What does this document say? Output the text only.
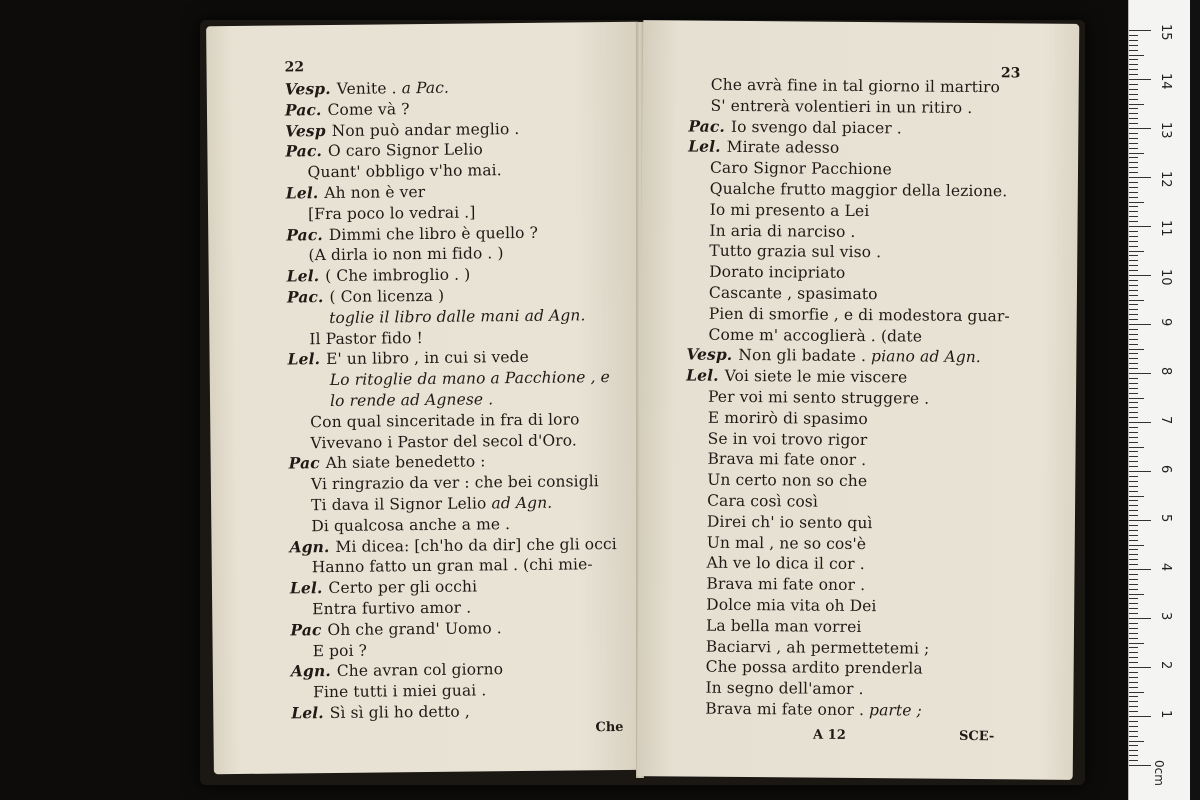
22
Vesp. Venite . a Pac.
Pac. Come và ?
Vesp Non può andar meglio .
Pac. O caro Signor Lelio
Quant' obbligo v'ho mai.
Lel. Ah non è ver
[Fra poco lo vedrai .]
Pac. Dimmi che libro è quello ?
(A dirla io non mi fido . )
Lel. ( Che imbroglio . )
Pac. ( Con licenza )
toglie il libro dalle mani ad Agn.
Il Pastor fido !
Lel. E' un libro , in cui si vede
Lo ritoglie da mano a Pacchione , e
lo rende ad Agnese .
Con qual sinceritade in fra di loro
Vivevano i Pastor del secol d'Oro.
Pac Ah siate benedetto :
Vi ringrazio da ver : che bei consigli
Ti dava il Signor Lelio ad Agn.
Di qualcosa anche a me .
Agn. Mi dicea: [ch'ho da dir] che gli occi
Hanno fatto un gran mal . (chi mie-
Lel. Certo per gli occhi
Entra furtivo amor .
Pac Oh che grand' Uomo .
E poi ?
Agn. Che avran col giorno
Fine tutti i miei guai .
Lel. Sì sì gli ho detto ,
Che
23
Che avrà fine in tal giorno il martiro
S' entrerà volentieri in un ritiro .
Pac. Io svengo dal piacer .
Lel. Mirate adesso
Caro Signor Pacchione
Qualche frutto maggior della lezione.
Io mi presento a Lei
In aria di narciso .
Tutto grazia sul viso .
Dorato incipriato
Cascante , spasimato
Pien di smorfie , e di modestora guar-
Come m' accoglierà . (date
Vesp. Non gli badate . piano ad Agn.
Lel. Voi siete le mie viscere
Per voi mi sento struggere .
E morirò di spasimo
Se in voi trovo rigor
Brava mi fate onor .
Un certo non so che
Cara così così
Direi ch' io sento quì
Un mal , ne so cos'è
Ah ve lo dica il cor .
Brava mi fate onor .
Dolce mia vita oh Dei
La bella man vorrei
Baciarvi , ah permettetemi ;
Che possa ardito prenderla
In segno dell'amor .
Brava mi fate onor . parte ;
A 12	SCE-
1
2
3
4
5
6
7
8
9
10
11
12
13
14
15
0cm
